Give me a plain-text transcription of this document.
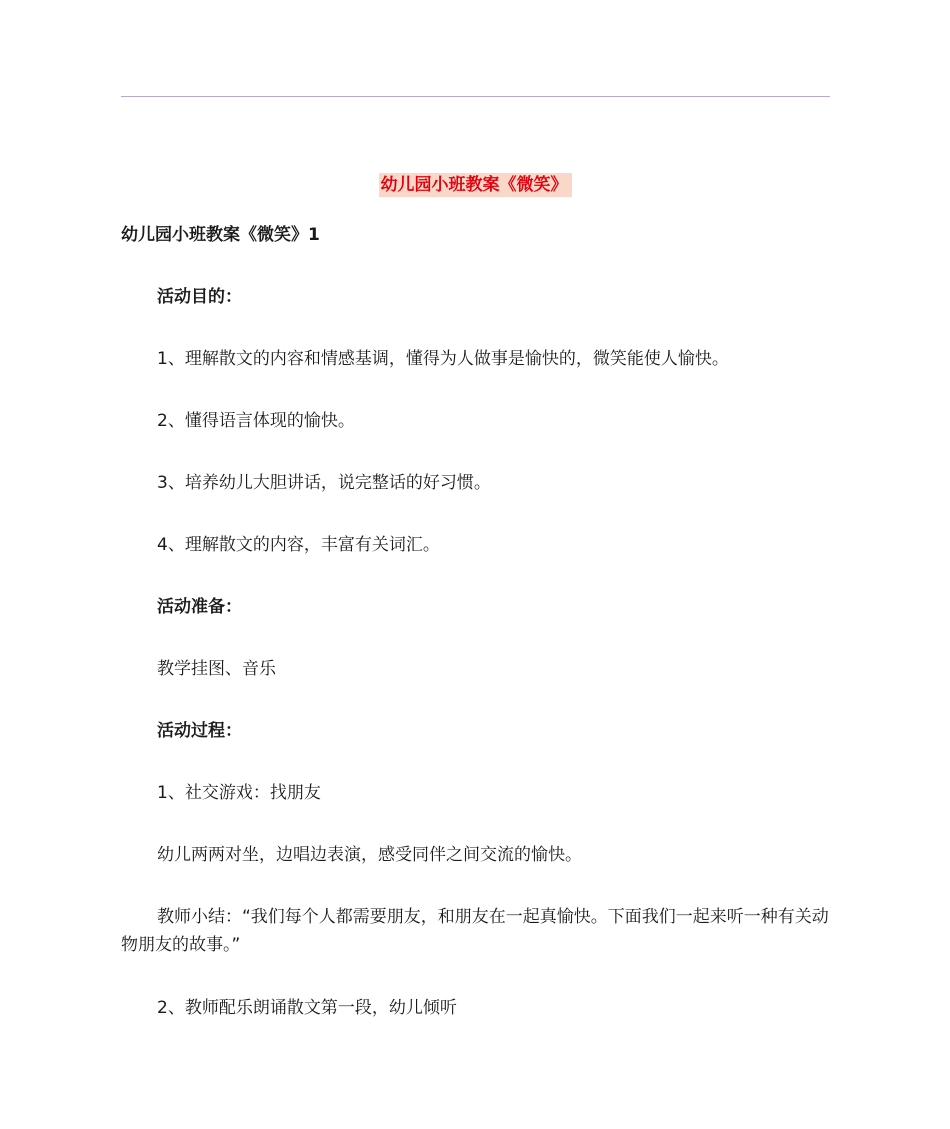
幼儿园小班教案《微笑》

幼儿园小班教案《微笑》1

活动目的：

1、理解散文的内容和情感基调，懂得为人做事是愉快的，微笑能使人愉快。

2、懂得语言体现的愉快。

3、培养幼儿大胆讲话，说完整话的好习惯。

4、理解散文的内容，丰富有关词汇。

活动准备：

教学挂图、音乐

活动过程：

1、社交游戏：找朋友

幼儿两两对坐，边唱边表演，感受同伴之间交流的愉快。

教师小结：“我们每个人都需要朋友，和朋友在一起真愉快。下面我们一起来听一种有关动物朋友的故事。”

2、教师配乐朗诵散文第一段，幼儿倾听
